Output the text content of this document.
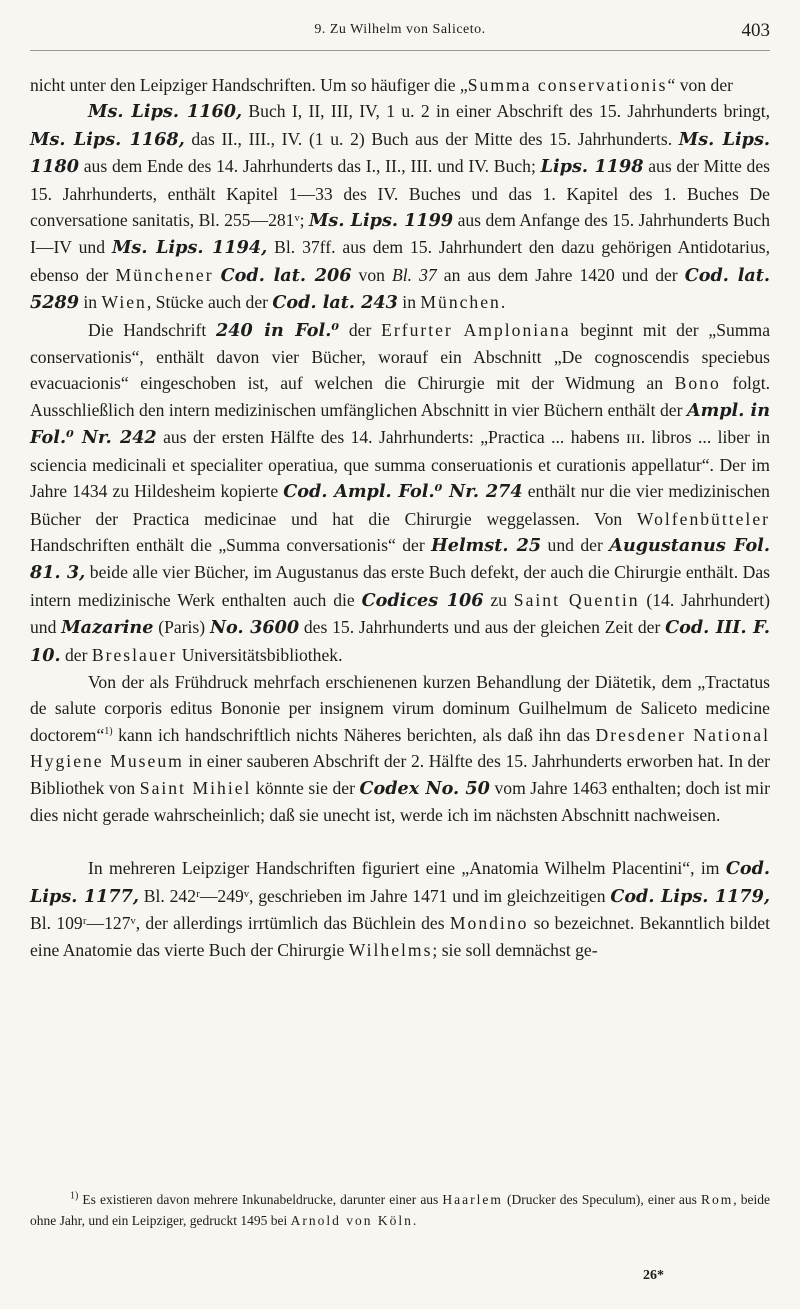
9. Zu Wilhelm von Saliceto.	403

nicht unter den Leipziger Handschriften. Um so häufiger die „Summa conservationis“ von der

Ms. Lips. 1160, Buch I, II, III, IV, 1 u. 2 in einer Abschrift des 15. Jahrhunderts bringt, Ms. Lips. 1168, das II., III., IV. (1 u. 2) Buch aus der Mitte des 15. Jahrhunderts. Ms. Lips. 1180 aus dem Ende des 14. Jahrhunderts das I., II., III. und IV. Buch; Lips. 1198 aus der Mitte des 15. Jahrhunderts, enthält Kapitel 1—33 des IV. Buches und das 1. Kapitel des 1. Buches De conversatione sanitatis, Bl. 255—281ᵛ; Ms. Lips. 1199 aus dem Anfange des 15. Jahrhunderts Buch I—IV und Ms. Lips. 1194, Bl. 37ff. aus dem 15. Jahrhundert den dazu gehörigen Antidotarius, ebenso der Münchener Cod. lat. 206 von Bl. 37 an aus dem Jahre 1420 und der Cod. lat. 5289 in Wien, Stücke auch der Cod. lat. 243 in München.

Die Handschrift 240 in Fol.⁰ der Erfurter Amploniana beginnt mit der „Summa conservationis“, enthält davon vier Bücher, worauf ein Abschnitt „De cognoscendis speciebus evacuacionis“ eingeschoben ist, auf welchen die Chirurgie mit der Widmung an Bono folgt. Ausschließlich den intern medizinischen umfänglichen Abschnitt in vier Büchern enthält der Ampl. in Fol.⁰ Nr. 242 aus der ersten Hälfte des 14. Jahrhunderts: „Practica ... habens ɪɪɪ. libros ... liber in sciencia medicinali et specialiter operatiua, que summa conseruationis et curationis appellatur“. Der im Jahre 1434 zu Hildesheim kopierte Cod. Ampl. Fol.⁰ Nr. 274 enthält nur die vier medizinischen Bücher der Practica medicinae und hat die Chirurgie weggelassen. Von Wolfenbütteler Handschriften enthält die „Summa conversationis“ der Helmst. 25 und der Augustanus Fol. 81. 3, beide alle vier Bücher, im Augustanus das erste Buch defekt, der auch die Chirurgie enthält. Das intern medizinische Werk enthalten auch die Codices 106 zu Saint Quentin (14. Jahrhundert) und Mazarine (Paris) No. 3600 des 15. Jahrhunderts und aus der gleichen Zeit der Cod. III. F. 10. der Breslauer Universitätsbibliothek.

Von der als Frühdruck mehrfach erschienenen kurzen Behandlung der Diätetik, dem „Tractatus de salute corporis editus Bononie per insignem virum dominum Guilhelmum de Saliceto medicine doctorem“$^{1)}$ kann ich handschriftlich nichts Näheres berichten, als daß ihn das Dresdener National Hygiene Museum in einer sauberen Abschrift der 2. Hälfte des 15. Jahrhunderts erworben hat. In der Bibliothek von Saint Mihiel könnte sie der Codex No. 50 vom Jahre 1463 enthalten; doch ist mir dies nicht gerade wahrscheinlich; daß sie unecht ist, werde ich im nächsten Abschnitt nachweisen.

In mehreren Leipziger Handschriften figuriert eine „Anatomia Wilhelm Placentini“, im Cod. Lips. 1177, Bl. 242ʳ—249ᵛ, geschrieben im Jahre 1471 und im gleichzeitigen Cod. Lips. 1179, Bl. 109ʳ—127ᵛ, der allerdings irrtümlich das Büchlein des Mondino so bezeichnet. Bekanntlich bildet eine Anatomie das vierte Buch der Chirurgie Wilhelms; sie soll demnächst ge-

$^{1)}$ Es existieren davon mehrere Inkunabeldrucke, darunter einer aus Haarlem (Drucker des Speculum), einer aus Rom, beide ohne Jahr, und ein Leipziger, gedruckt 1495 bei Arnold von Köln.

26*
